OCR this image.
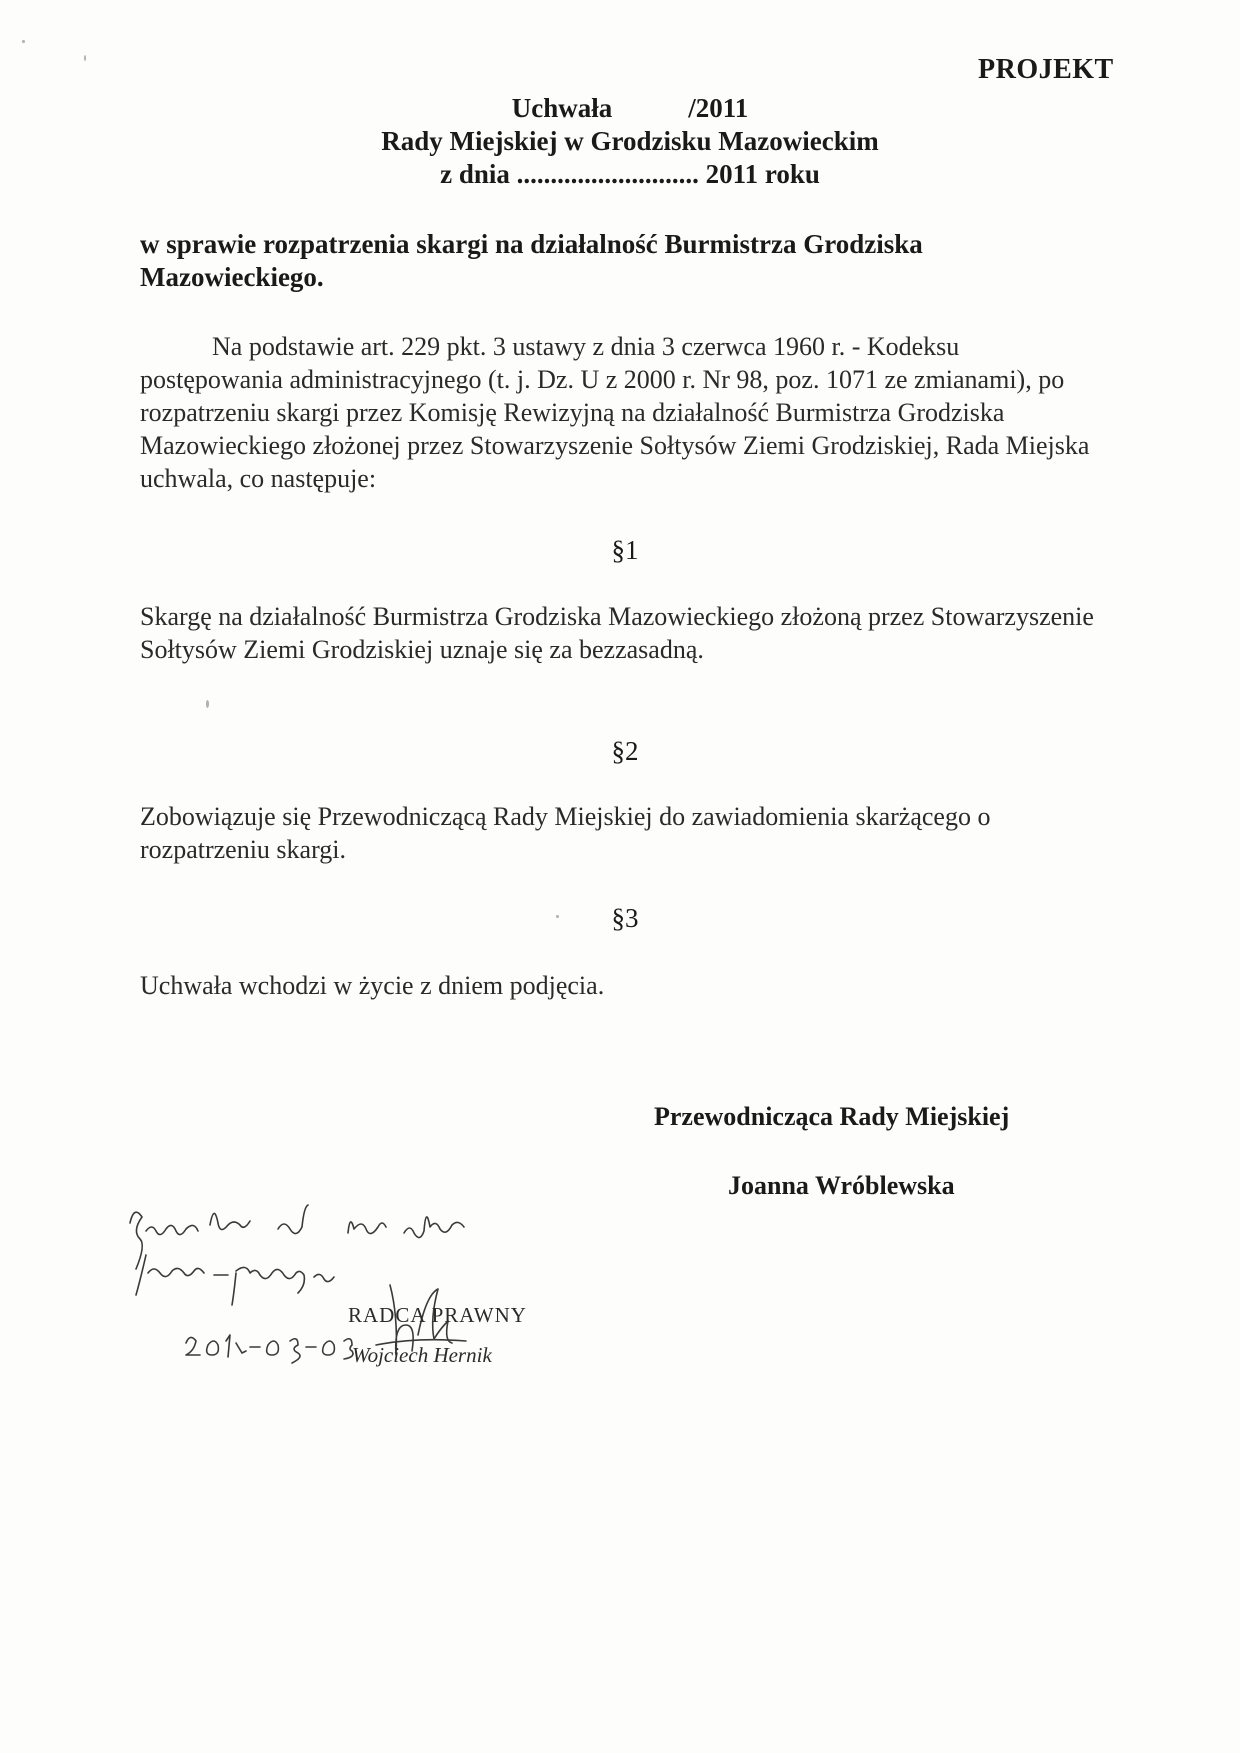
PROJEKT
Uchwała	/2011
Rady Miejskiej w Grodzisku Mazowieckim
z dnia ........................... 2011 roku
w sprawie rozpatrzenia skargi na działalność Burmistrza Grodziska Mazowieckiego.
Na podstawie art. 229 pkt. 3 ustawy z dnia 3 czerwca 1960 r. - Kodeksu postępowania administracyjnego (t. j. Dz. U z 2000 r. Nr 98, poz. 1071 ze zmianami), po rozpatrzeniu skargi przez Komisję Rewizyjną na działalność Burmistrza Grodziska Mazowieckiego złożonej przez Stowarzyszenie Sołtysów Ziemi Grodziskiej, Rada Miejska uchwala, co następuje:
§1
Skargę na działalność Burmistrza Grodziska Mazowieckiego złożoną przez Stowarzyszenie Sołtysów Ziemi Grodziskiej uznaje się za bezzasadną.
§2
Zobowiązuje się Przewodniczącą Rady Miejskiej do zawiadomienia skarżącego o rozpatrzeniu skargi.
§3
Uchwała wchodzi w życie z dniem podjęcia.
Przewodnicząca Rady Miejskiej
Joanna Wróblewska
RADCA PRAWNY
Wojciech Hernik
